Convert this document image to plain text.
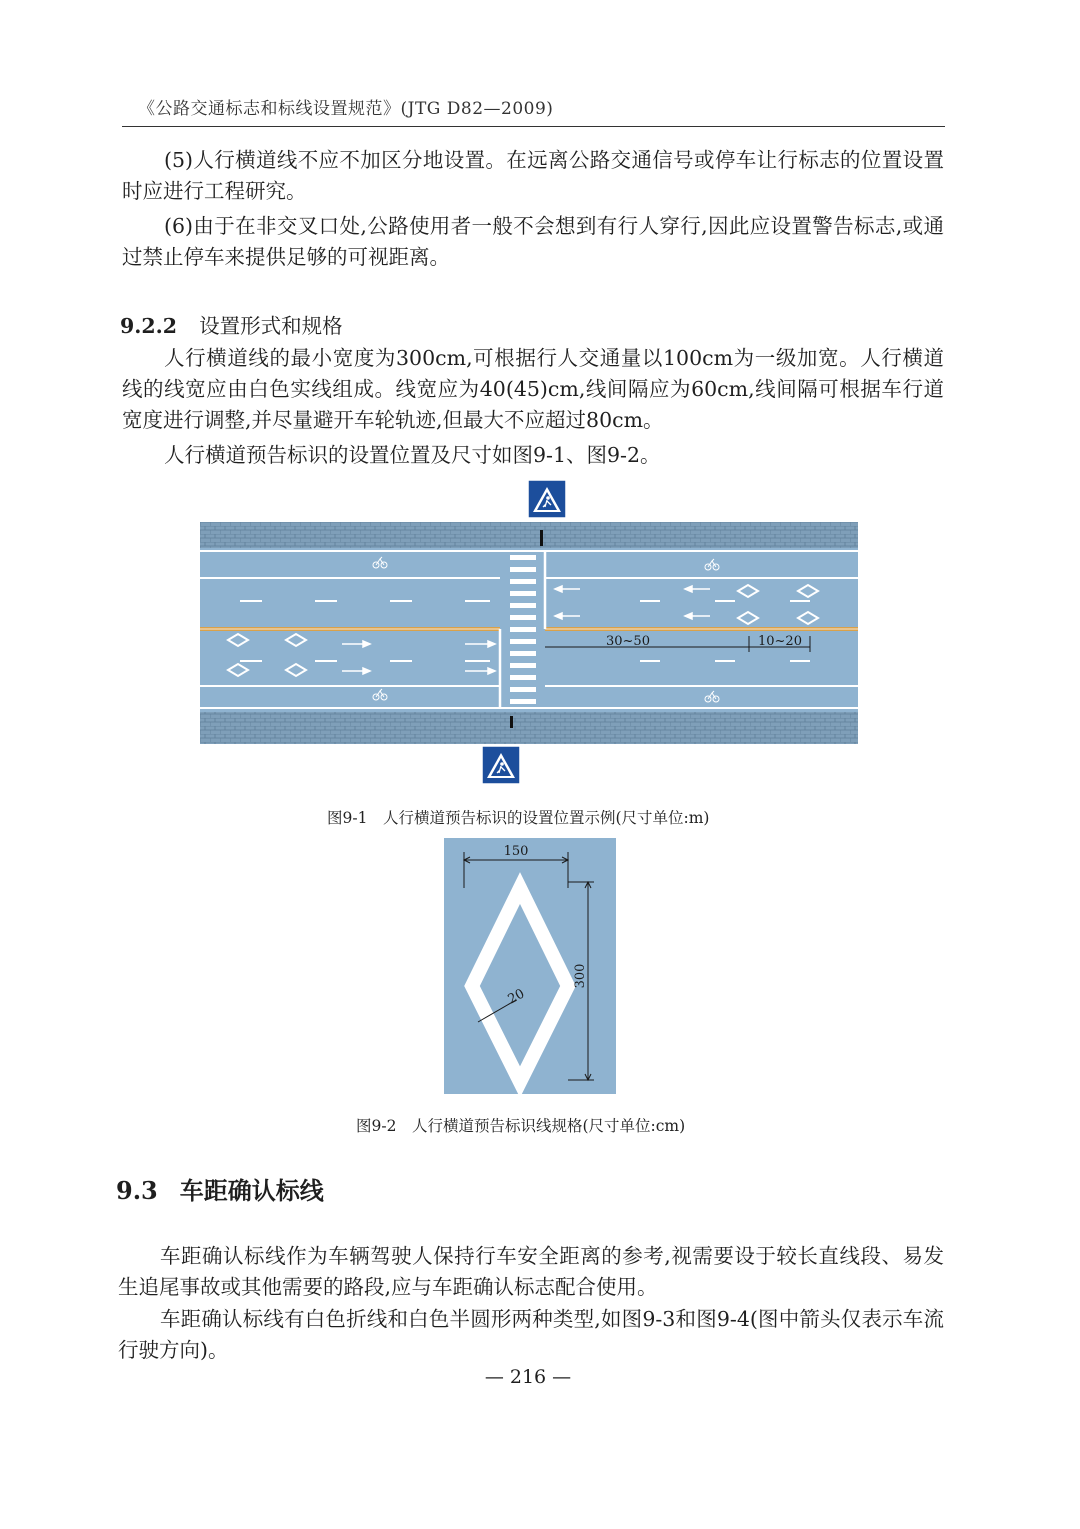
《公路交通标志和标线设置规范》(JTG D82—2009)

(5)人行横道线不应不加区分地设置。在远离公路交通信号或停车让行标志的位置设置时应进行工程研究。

(6)由于在非交叉口处,公路使用者一般不会想到有行人穿行,因此应设置警告标志,或通过禁止停车来提供足够的可视距离。

9.2.2 设置形式和规格

人行横道线的最小宽度为300cm,可根据行人交通量以100cm为一级加宽。人行横道线的线宽应由白色实线组成。线宽应为40(45)cm,线间隔应为60cm,线间隔可根据车行道宽度进行调整,并尽量避开车轮轨迹,但最大不应超过80cm。

人行横道预告标识的设置位置及尺寸如图9-1、图9-2。

30~50	10~20
图9-1　人行横道预告标识的设置位置示例(尺寸单位:m)
150
300
20
图9-2　人行横道预告标识线规格(尺寸单位:cm)
9.3 车距确认标线

车距确认标线作为车辆驾驶人保持行车安全距离的参考,视需要设于较长直线段、易发生追尾事故或其他需要的路段,应与车距确认标志配合使用。

车距确认标线有白色折线和白色半圆形两种类型,如图9-3和图9-4(图中箭头仅表示车流行驶方向)。

— 216 —
